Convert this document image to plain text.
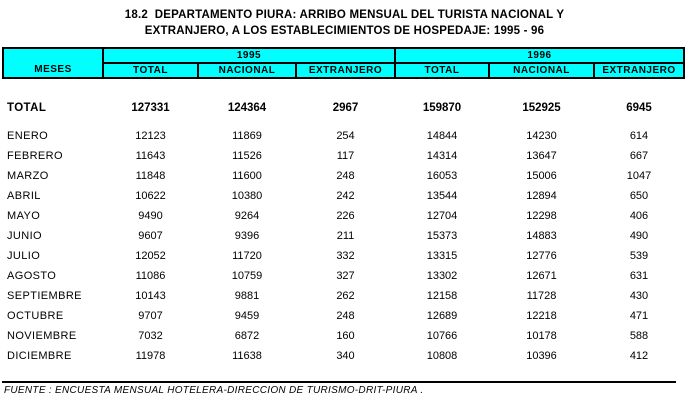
18.2  DEPARTAMENTO PIURA: ARRIBO MENSUAL DEL TURISTA NACIONAL Y
EXTRANJERO, A LOS ESTABLECIMIENTOS DE HOSPEDAJE: 1995 - 96
MESES	1995			1996		
	TOTAL	NACIONAL	EXTRANJERO	TOTAL	NACIONAL	EXTRANJERO

TOTAL	127331	124364	2967	159870	152925	6945

ENERO	12123	11869	254	14844	14230	614
FEBRERO	11643	11526	117	14314	13647	667
MARZO	11848	11600	248	16053	15006	1047
ABRIL	10622	10380	242	13544	12894	650
MAYO	9490	9264	226	12704	12298	406
JUNIO	9607	9396	211	15373	14883	490
JULIO	12052	11720	332	13315	12776	539
AGOSTO	11086	10759	327	13302	12671	631
SEPTIEMBRE	10143	9881	262	12158	11728	430
OCTUBRE	9707	9459	248	12689	12218	471
NOVIEMBRE	7032	6872	160	10766	10178	588
DICIEMBRE	11978	11638	340	10808	10396	412
FUENTE : ENCUESTA MENSUAL HOTELERA-DIRECCION DE TURISMO-DRIT-PIURA .
